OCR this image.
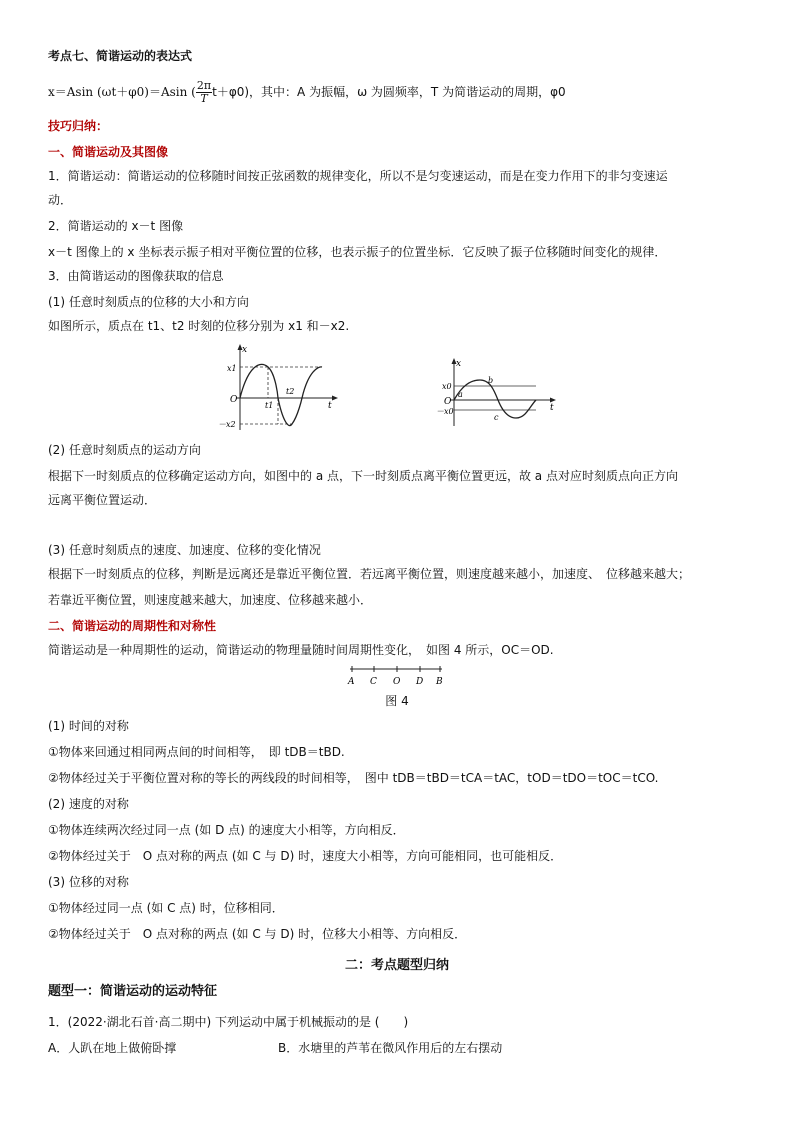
考点七、简谐运动的表达式
x＝Asin (ωt＋φ0)＝Asin ( $\frac{2\pi}{T} t+\varphi 0$)，其中：A 为振幅，ω 为圆频率，T 为简谐运动的周期，φ0
技巧归纳：
一、简谐运动及其图像
1．简谐运动：简谐运动的位移随时间按正弦函数的规律变化，所以不是匀变速运动，而是在变力作用下的非匀变速运
动．
2．简谐运动的 x－t 图像
x－t 图像上的 x 坐标表示振子相对平衡位置的位移，也表示振子的位置坐标．它反映了振子位移随时间变化的规律．
3．由简谐运动的图像获取的信息
(1) 任意时刻质点的位移的大小和方向
如图所示，质点在 t1、t2 时刻的位移分别为 x1 和－x2.
x
t
O
x1
－x2
t1
t2
x
t
O
x0
－x0
a
b
c
(2) 任意时刻质点的运动方向
根据下一时刻质点的位移确定运动方向，如图中的 a 点，下一时刻质点离平衡位置更远，故 a 点对应时刻质点向正方向
远离平衡位置运动．
(3) 任意时刻质点的速度、加速度、位移的变化情况
根据下一时刻质点的位移，判断是远离还是靠近平衡位置．若远离平衡位置，则速度越来越小，加速度、　位移越来越大；
若靠近平衡位置，则速度越来越大，加速度、位移越来越小．
二、简谐运动的周期性和对称性
简谐运动是一种周期性的运动，简谐运动的物理量随时间周期性变化，　如图 4 所示，OC＝OD.
A C O D B
图 4
(1) 时间的对称
①物体来回通过相同两点间的时间相等，　即 tDB＝tBD.
②物体经过关于平衡位置对称的等长的两线段的时间相等，　图中 tDB＝tBD＝tCA＝tAC，tOD＝tDO＝tOC＝tCO.
(2) 速度的对称
①物体连续两次经过同一点 (如 D 点) 的速度大小相等，方向相反．
②物体经过关于　O 点对称的两点 (如 C 与 D) 时，速度大小相等，方向可能相同，也可能相反．
(3) 位移的对称
①物体经过同一点 (如 C 点) 时，位移相同．
②物体经过关于　O 点对称的两点 (如 C 与 D) 时，位移大小相等、方向相反．
二：考点题型归纳
题型一：简谐运动的运动特征
1．(2022·湖北石首·高二期中) 下列运动中属于机械振动的是 (　　)
A．人趴在地上做俯卧撑	B．水塘里的芦苇在微风作用后的左右摆动
